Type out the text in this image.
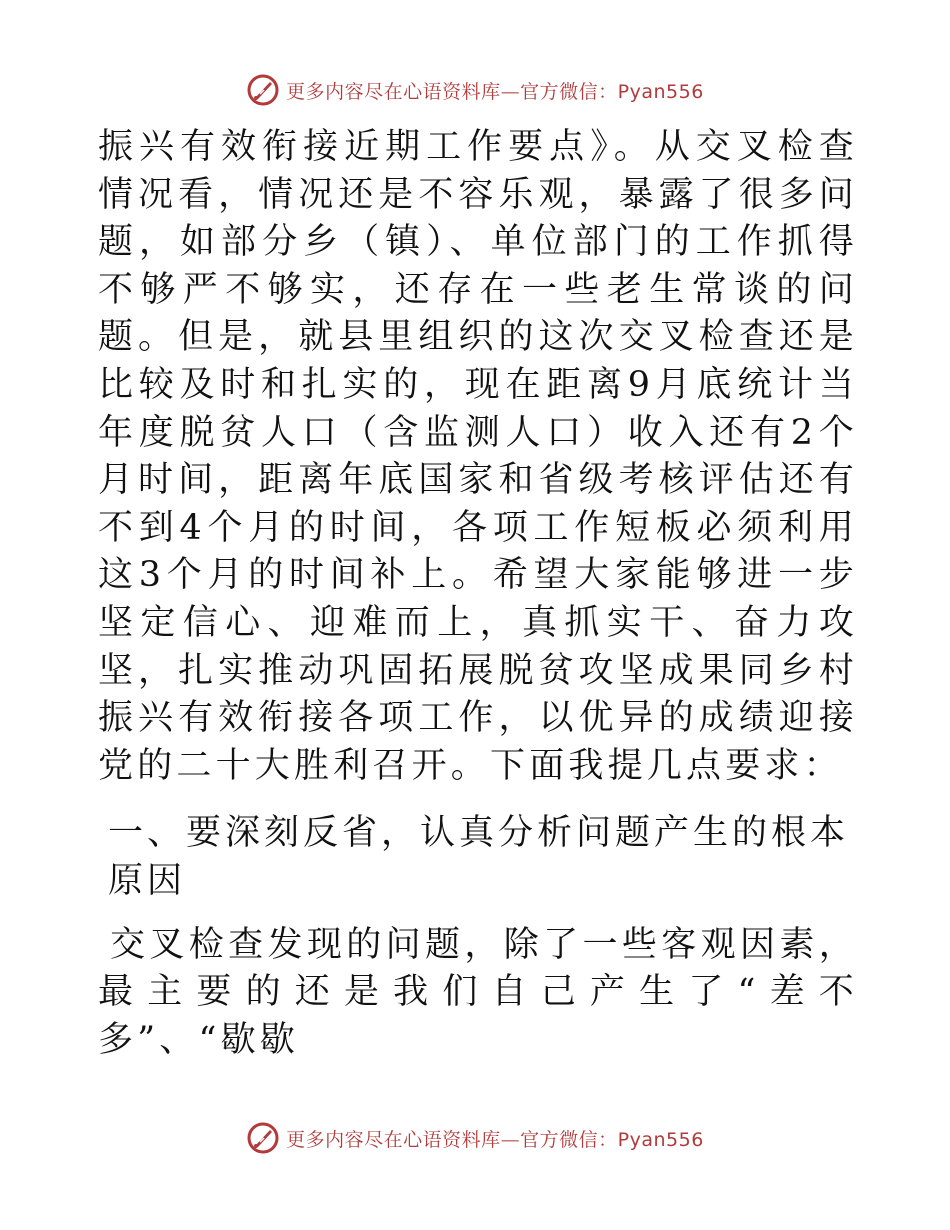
更多内容尽在心语资料库—官方微信：Pyan556

振兴有效衔接近期工作要点》。从交叉检查情况看，情况还是不容乐观，暴露了很多问题，如部分乡（镇）、单位部门的工作抓得不够严不够实，还存在一些老生常谈的问题。但是，就县里组织的这次交叉检查还是比较及时和扎实的，现在距离9月底统计当年度脱贫人口（含监测人口）收入还有2个月时间，距离年底国家和省级考核评估还有不到4个月的时间，各项工作短板必须利用这3个月的时间补上。希望大家能够进一步坚定信心、迎难而上，真抓实干、奋力攻坚，扎实推动巩固拓展脱贫攻坚成果同乡村振兴有效衔接各项工作，以优异的成绩迎接党的二十大胜利召开。下面我提几点要求：

一、要深刻反省，认真分析问题产生的根本原因

交叉检查发现的问题，除了一些客观因素，最主要的还是我们自己产生了“差不多”、“歇歇

更多内容尽在心语资料库—官方微信：Pyan556
